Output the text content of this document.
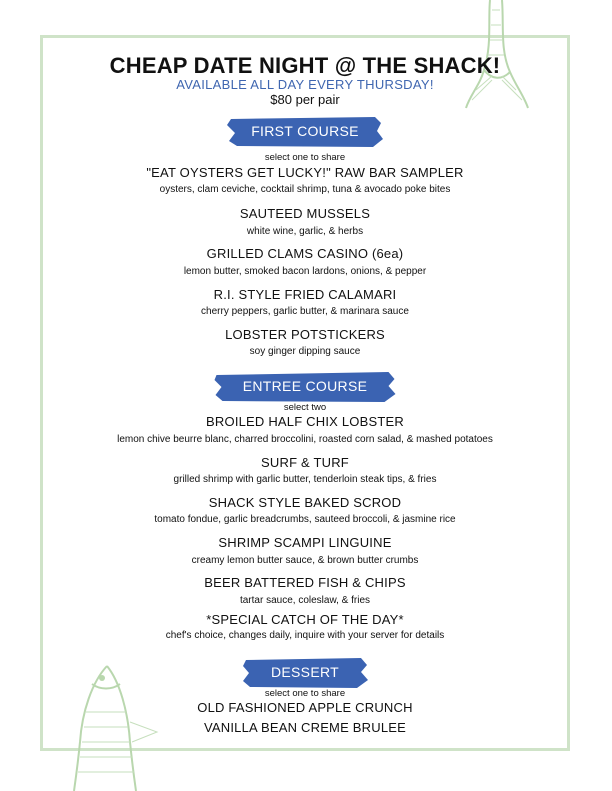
CHEAP DATE NIGHT @ THE SHACK!
AVAILABLE ALL DAY EVERY THURSDAY!
$80 per pair
FIRST COURSE
select one to share
"EAT OYSTERS GET LUCKY!" RAW BAR SAMPLER
oysters, clam ceviche, cocktail shrimp, tuna & avocado poke bites
SAUTEED MUSSELS
white wine, garlic, & herbs
GRILLED CLAMS CASINO (6ea)
lemon butter, smoked bacon lardons, onions, & pepper
R.I. STYLE FRIED CALAMARI
cherry peppers, garlic butter, & marinara sauce
LOBSTER POTSTICKERS
soy ginger dipping sauce
ENTREE COURSE
select two
BROILED HALF CHIX LOBSTER
lemon chive beurre blanc, charred broccolini, roasted corn salad, & mashed potatoes
SURF & TURF
grilled shrimp with garlic butter, tenderloin steak tips, & fries
SHACK STYLE BAKED SCROD
tomato fondue, garlic breadcrumbs, sauteed broccoli, & jasmine rice
SHRIMP SCAMPI LINGUINE
creamy lemon butter sauce, & brown butter crumbs
BEER BATTERED FISH & CHIPS
tartar sauce, coleslaw, & fries
*SPECIAL CATCH OF THE DAY*
chef's choice, changes daily, inquire with your server for details
DESSERT
select one to share
OLD FASHIONED APPLE CRUNCH
VANILLA BEAN CREME BRULEE
